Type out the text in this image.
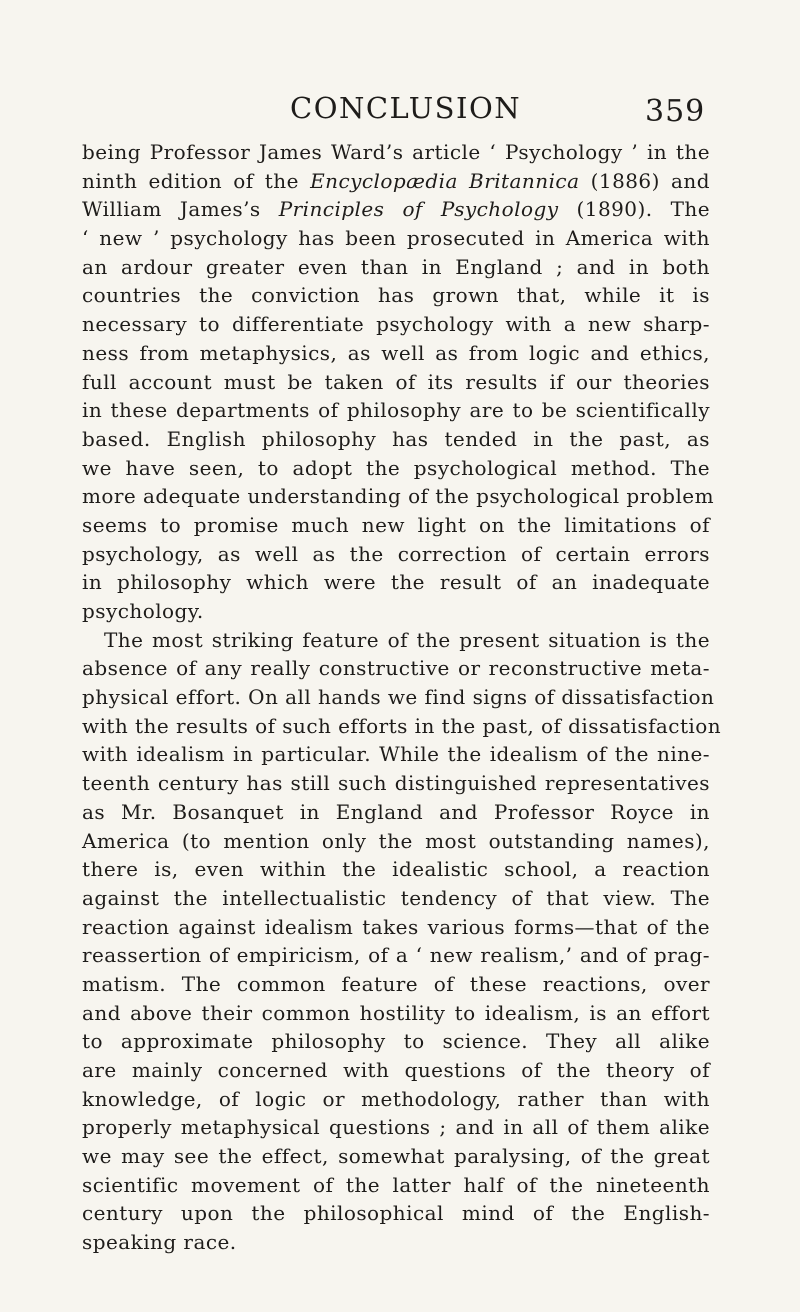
CONCLUSION	359
being Professor James Ward’s article ‘ Psychology ’ in the
ninth edition of the Encyclopædia Britannica (1886) and
William James’s Principles of Psychology (1890). The
‘ new ’ psychology has been prosecuted in America with
an ardour greater even than in England ; and in both
countries the conviction has grown that, while it is
necessary to differentiate psychology with a new sharp-
ness from metaphysics, as well as from logic and ethics,
full account must be taken of its results if our theories
in these departments of philosophy are to be scientifically
based. English philosophy has tended in the past, as
we have seen, to adopt the psychological method. The
more adequate understanding of the psychological problem
seems to promise much new light on the limitations of
psychology, as well as the correction of certain errors
in philosophy which were the result of an inadequate
psychology.
The most striking feature of the present situation is the
absence of any really constructive or reconstructive meta-
physical effort. On all hands we find signs of dissatisfaction
with the results of such efforts in the past, of dissatisfaction
with idealism in particular. While the idealism of the nine-
teenth century has still such distinguished representatives
as Mr. Bosanquet in England and Professor Royce in
America (to mention only the most outstanding names),
there is, even within the idealistic school, a reaction
against the intellectualistic tendency of that view. The
reaction against idealism takes various forms—that of the
reassertion of empiricism, of a ‘ new realism,’ and of prag-
matism. The common feature of these reactions, over
and above their common hostility to idealism, is an effort
to approximate philosophy to science. They all alike
are mainly concerned with questions of the theory of
knowledge, of logic or methodology, rather than with
properly metaphysical questions ; and in all of them alike
we may see the effect, somewhat paralysing, of the great
scientific movement of the latter half of the nineteenth
century upon the philosophical mind of the English-
speaking race.
